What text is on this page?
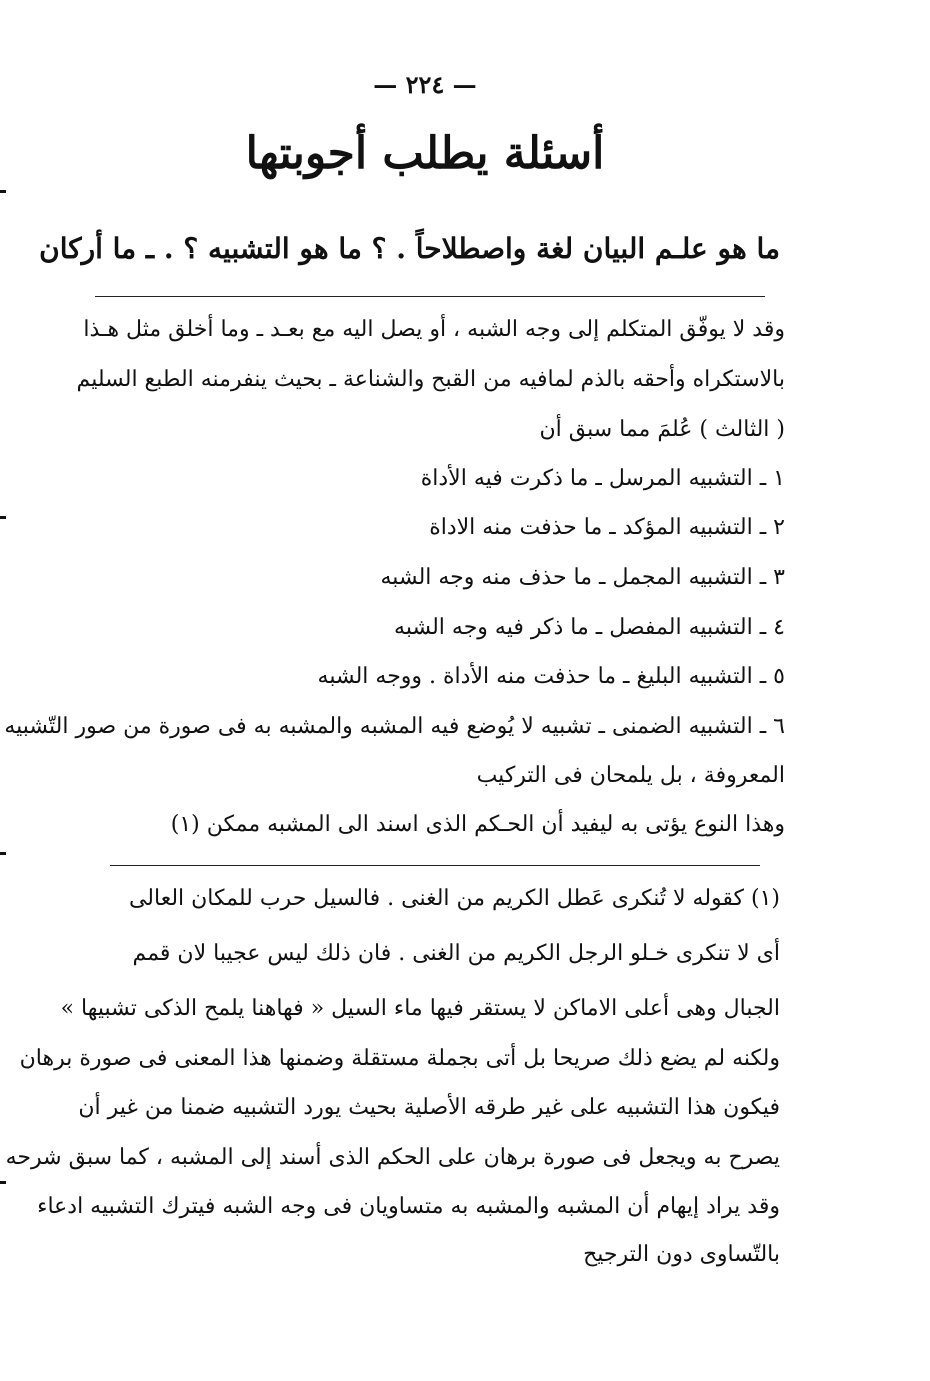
— ٢٢٤ —
أسئلة يطلب أجوبتها
ما هو علـم البيان لغة واصطلاحاً . ؟ ما هو التشبيه ؟ . ـ ما أركان
وقد لا يوفّق المتكلم إلى وجه الشبه ، أو يصل اليه مع بعـد ـ وما أخلق مثل هـذا
بالاستكراه وأحقه بالذم لمافيه من القبح والشناعة ـ بحيث ينفرمنه الطبع السليم
( الثالث ) عُلمَ مما سبق أن
١ ـ التشبيه المرسل ـ ما ذكرت فيه الأداة
٢ ـ التشبيه المؤكد ـ ما حذفت منه الاداة
٣ ـ التشبيه المجمل ـ ما حذف منه وجه الشبه
٤ ـ التشبيه المفصل ـ ما ذكر فيه وجه الشبه
٥ ـ التشبيه البليغ ـ ما حذفت منه الأداة . ووجه الشبه
٦ ـ التشبيه الضمنى ـ تشبيه لا يُوضع فيه المشبه والمشبه به فى صورة من صور التّشبيه
المعروفة ، بل يلمحان فى التركيب
وهذا النوع يؤتى به ليفيد أن الحـكم الذى اسند الى المشبه ممكن (١)
(١) كقوله لا تُنكرى عَطل الكريم من الغنى . فالسيل حرب للمكان العالى
أى لا تنكرى خـلو الرجل الكريم من الغنى . فان ذلك ليس عجيبا لان قمم
الجبال وهى أعلى الاماكن لا يستقر فيها ماء السيل « فهاهنا يلمح الذكى تشبيها »
ولكنه لم يضع ذلك صريحا بل أتى بجملة مستقلة وضمنها هذا المعنى فى صورة برهان
فيكون هذا التشبيه على غير طرقه الأصلية بحيث يورد التشبيه ضمنا من غير أن
يصرح به ويجعل فى صورة برهان على الحكم الذى أسند إلى المشبه ، كما سبق شرحه
وقد يراد إيهام أن المشبه والمشبه به متساويان فى وجه الشبه فيترك التشبيه ادعاء
بالتّساوى دون الترجيح
